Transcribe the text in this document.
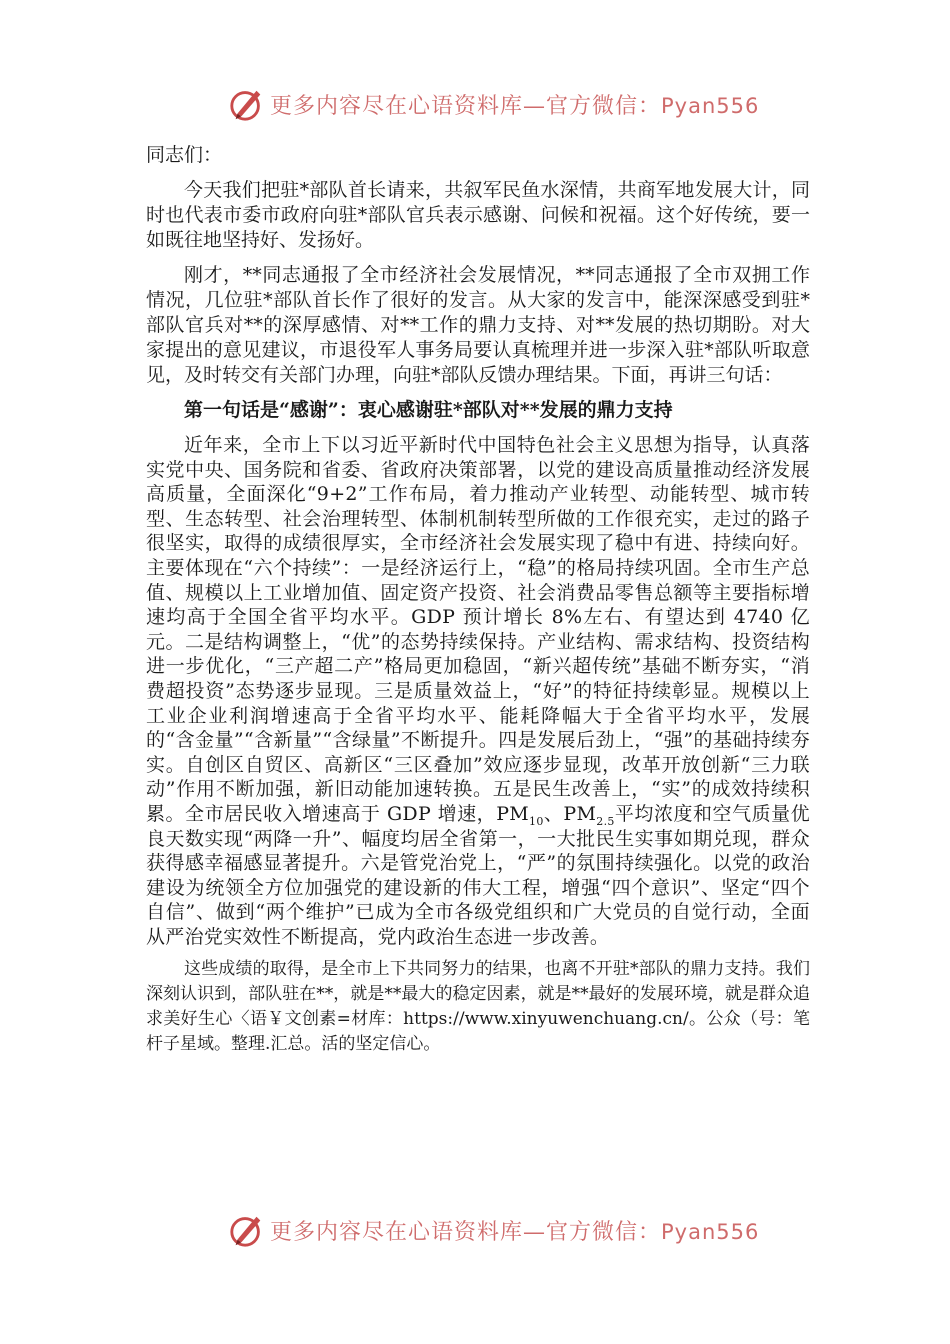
更多内容尽在心语资料库—官方微信：Pyan556

同志们：

今天我们把驻*部队首长请来，共叙军民鱼水深情，共商军地发展大计，同时也代表市委市政府向驻*部队官兵表示感谢、问候和祝福。这个好传统，要一如既往地坚持好、发扬好。

刚才，**同志通报了全市经济社会发展情况，**同志通报了全市双拥工作情况，几位驻*部队首长作了很好的发言。从大家的发言中，能深深感受到驻*部队官兵对**的深厚感情、对**工作的鼎力支持、对**发展的热切期盼。对大家提出的意见建议，市退役军人事务局要认真梳理并进一步深入驻*部队听取意见，及时转交有关部门办理，向驻*部队反馈办理结果。下面，再讲三句话：

第一句话是“感谢”：衷心感谢驻*部队对**发展的鼎力支持

近年来，全市上下以习近平新时代中国特色社会主义思想为指导，认真落实党中央、国务院和省委、省政府决策部署，以党的建设高质量推动经济发展高质量，全面深化“9+2”工作布局，着力推动产业转型、动能转型、城市转型、生态转型、社会治理转型、体制机制转型所做的工作很充实，走过的路子很坚实，取得的成绩很厚实，全市经济社会发展实现了稳中有进、持续向好。主要体现在“六个持续”：一是经济运行上，“稳”的格局持续巩固。全市生产总值、规模以上工业增加值、固定资产投资、社会消费品零售总额等主要指标增速均高于全国全省平均水平。GDP 预计增长 8%左右、有望达到 4740 亿元。二是结构调整上，“优”的态势持续保持。产业结构、需求结构、投资结构进一步优化，“三产超二产”格局更加稳固，“新兴超传统”基础不断夯实，“消费超投资”态势逐步显现。三是质量效益上，“好”的特征持续彰显。规模以上工业企业利润增速高于全省平均水平、能耗降幅大于全省平均水平，发展的“含金量”“含新量”“含绿量”不断提升。四是发展后劲上，“强”的基础持续夯实。自创区自贸区、高新区“三区叠加”效应逐步显现，改革开放创新“三力联动”作用不断加强，新旧动能加速转换。五是民生改善上，“实”的成效持续积累。全市居民收入增速高于 GDP 增速，$PM_{10}$、$PM_{2.5}$平均浓度和空气质量优良天数实现“两降一升”、幅度均居全省第一，一大批民生实事如期兑现，群众获得感幸福感显著提升。六是管党治党上，“严”的氛围持续强化。以党的政治建设为统领全方位加强党的建设新的伟大工程，增强“四个意识”、坚定“四个自信”、做到“两个维护”已成为全市各级党组织和广大党员的自觉行动，全面从严治党实效性不断提高，党内政治生态进一步改善。

这些成绩的取得，是全市上下共同努力的结果，也离不开驻*部队的鼎力支持。我们深刻认识到，部队驻在**，就是**最大的稳定因素，就是**最好的发展环境，就是群众追求美好生心〈语￥文创素=材库：https://www.xinyuwenchuang.cn/。公众（号：笔杆子星域。整理.汇总。活的坚定信心。

更多内容尽在心语资料库—官方微信：Pyan556
